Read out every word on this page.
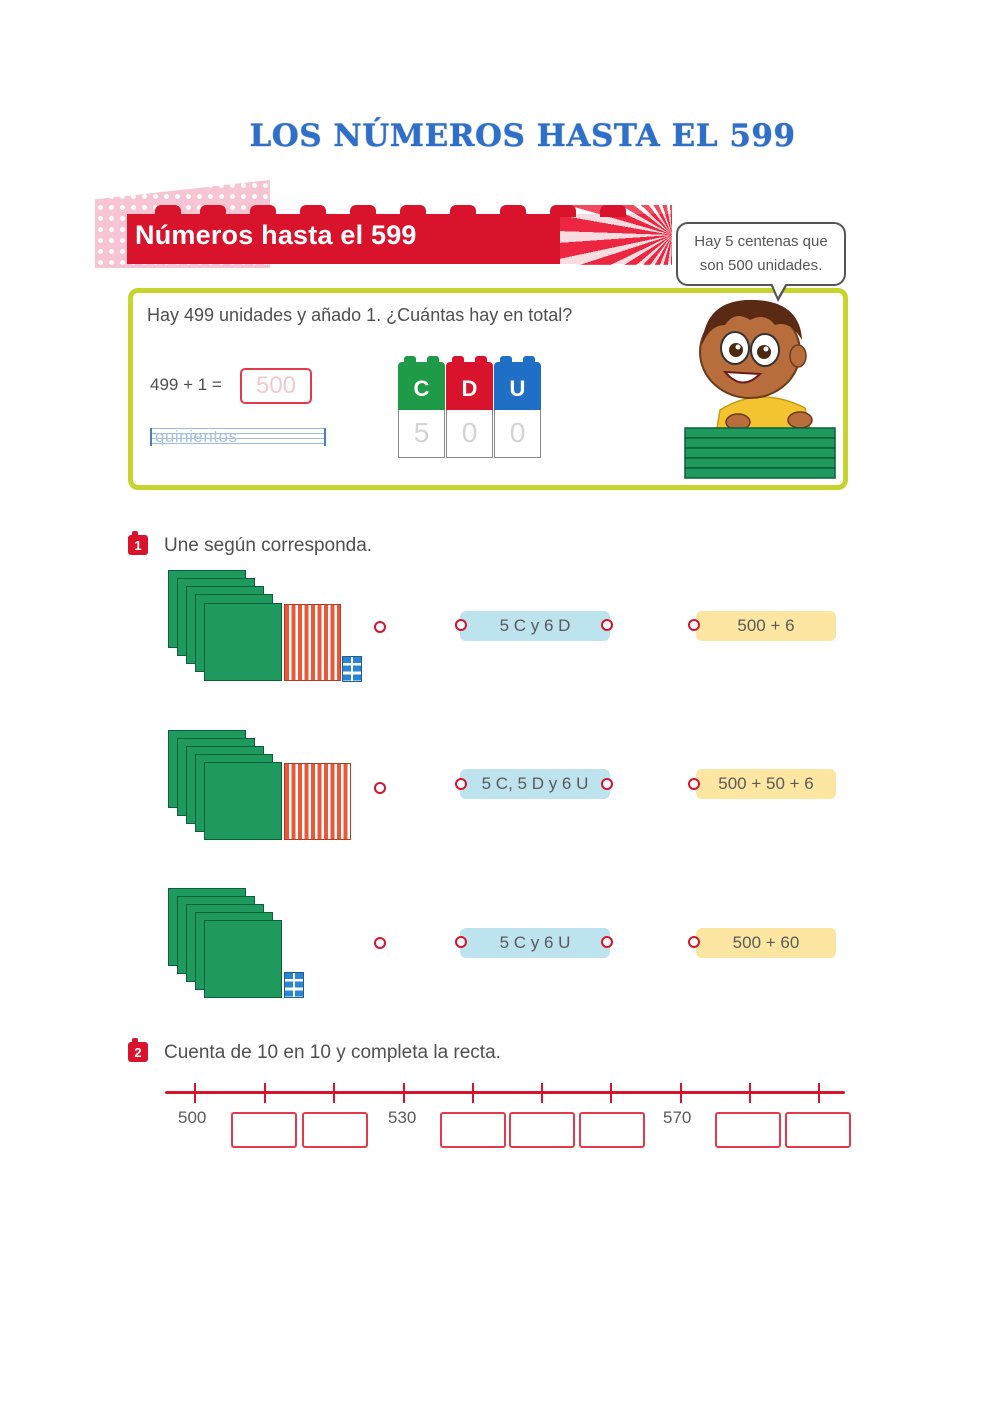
LOS NÚMEROS HASTA EL 599
Números hasta el 599
Hay 499 unidades y añado 1. ¿Cuántas hay en total?
499 + 1 =	500
quinientos
C
5
D
0
U
0
Hay 5 centenas que
son 500 unidades.
1	Une según corresponda.
5 C y 6 D	500 + 6
5 C, 5 D y 6 U	500 + 50 + 6
5 C y 6 U	500 + 60
2	Cuenta de 10 en 10 y completa la recta.
500	530	570
